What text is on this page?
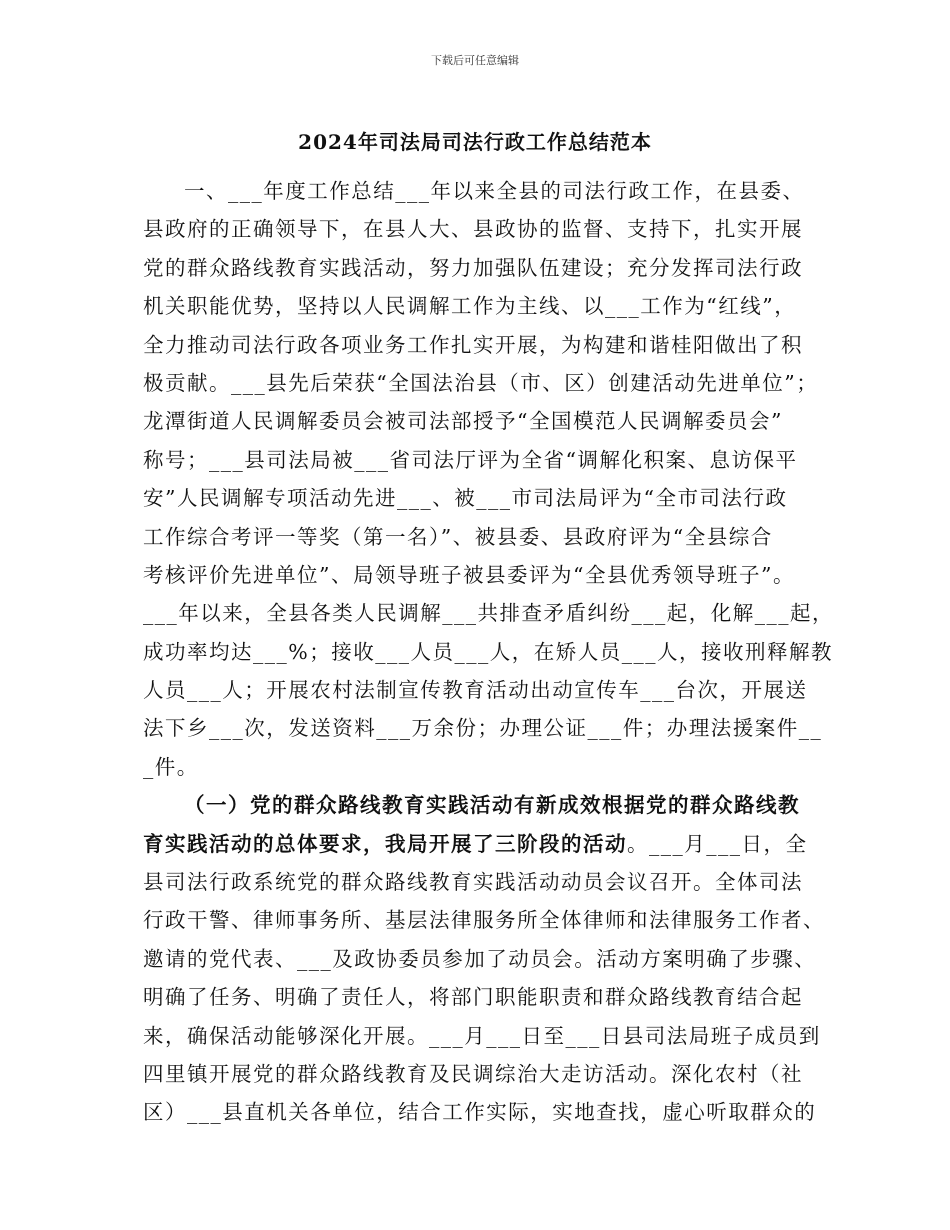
下载后可任意编辑
2024年司法局司法行政工作总结范本
一、___年度工作总结___年以来全县的司法行政工作，在县委、
县政府的正确领导下，在县人大、县政协的监督、支持下，扎实开展
党的群众路线教育实践活动，努力加强队伍建设；充分发挥司法行政
机关职能优势，坚持以人民调解工作为主线、以___工作为“红线”，
全力推动司法行政各项业务工作扎实开展，为构建和谐桂阳做出了积
极贡献。___县先后荣获“全国法治县（市、区）创建活动先进单位”；
龙潭街道人民调解委员会被司法部授予“全国模范人民调解委员会”
称号；___县司法局被___省司法厅评为全省“调解化积案、息访保平
安”人民调解专项活动先进___、被___市司法局评为“全市司法行政
工作综合考评一等奖（第一名）”、被县委、县政府评为“全县综合
考核评价先进单位”、局领导班子被县委评为“全县优秀领导班子”。
___年以来，全县各类人民调解___共排查矛盾纠纷___起，化解___起，
成功率均达___%；接收___人员___人，在矫人员___人，接收刑释解教
人员___人；开展农村法制宣传教育活动出动宣传车___台次，开展送
法下乡___次，发送资料___万余份；办理公证___件；办理法援案件__
_件。
（一）党的群众路线教育实践活动有新成效根据党的群众路线教
育实践活动的总体要求，我局开展了三阶段的活动。___月___日，全
县司法行政系统党的群众路线教育实践活动动员会议召开。全体司法
行政干警、律师事务所、基层法律服务所全体律师和法律服务工作者、
邀请的党代表、___及政协委员参加了动员会。活动方案明确了步骤、
明确了任务、明确了责任人，将部门职能职责和群众路线教育结合起
来，确保活动能够深化开展。___月___日至___日县司法局班子成员到
四里镇开展党的群众路线教育及民调综治大走访活动。深化农村（社
区）___县直机关各单位，结合工作实际，实地查找，虚心听取群众的
